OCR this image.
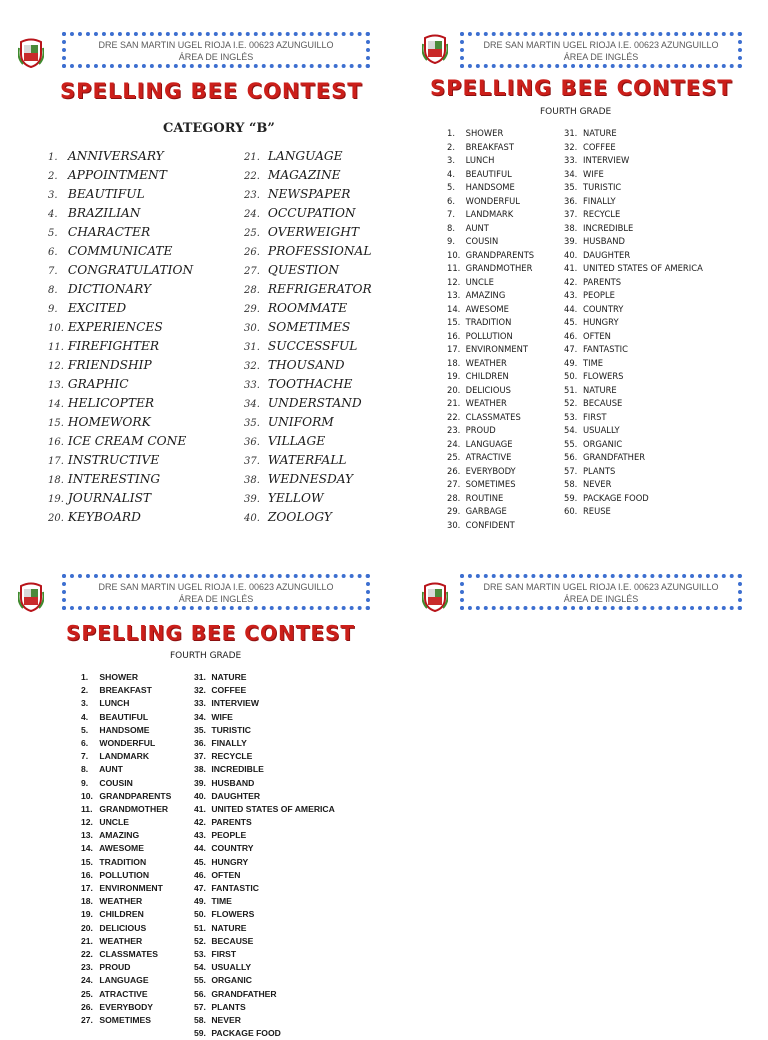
DRE SAN MARTIN UGEL RIOJA I.E. 00623 AZUNGUILLO
ÁREA DE INGLÉS
SPELLING BEE CONTEST
CATEGORY “B”
1. ANNIVERSARY
2. APPOINTMENT
3. BEAUTIFUL
4. BRAZILIAN
5. CHARACTER
6. COMMUNICATE
7. CONGRATULATION
8. DICTIONARY
9. EXCITED
10. EXPERIENCES
11. FIREFIGHTER
12. FRIENDSHIP
13. GRAPHIC
14. HELICOPTER
15. HOMEWORK
16. ICE CREAM CONE
17. INSTRUCTIVE
18. INTERESTING
19. JOURNALIST
20. KEYBOARD
21. LANGUAGE
22. MAGAZINE
23. NEWSPAPER
24. OCCUPATION
25. OVERWEIGHT
26. PROFESSIONAL
27. QUESTION
28. REFRIGERATOR
29. ROOMMATE
30. SOMETIMES
31. SUCCESSFUL
32. THOUSAND
33. TOOTHACHE
34. UNDERSTAND
35. UNIFORM
36. VILLAGE
37. WATERFALL
38. WEDNESDAY
39. YELLOW
40. ZOOLOGY
DRE SAN MARTIN UGEL RIOJA I.E. 00623 AZUNGUILLO
ÁREA DE INGLÉS
SPELLING BEE CONTEST
FOURTH GRADE
1. SHOWER
2. BREAKFAST
3. LUNCH
4. BEAUTIFUL
5. HANDSOME
6. WONDERFUL
7. LANDMARK
8. AUNT
9. COUSIN
10. GRANDPARENTS
11. GRANDMOTHER
12. UNCLE
13. AMAZING
14. AWESOME
15. TRADITION
16. POLLUTION
17. ENVIRONMENT
18. WEATHER
19. CHILDREN
20. DELICIOUS
21. WEATHER
22. CLASSMATES
23. PROUD
24. LANGUAGE
25. ATRACTIVE
26. EVERYBODY
27. SOMETIMES
28. ROUTINE
29. GARBAGE
30. CONFIDENT
31. NATURE
32. COFFEE
33. INTERVIEW
34. WIFE
35. TURISTIC
36. FINALLY
37. RECYCLE
38. INCREDIBLE
39. HUSBAND
40. DAUGHTER
41. UNITED STATES OF AMERICA
42. PARENTS
43. PEOPLE
44. COUNTRY
45. HUNGRY
46. OFTEN
47. FANTASTIC
49. TIME
50. FLOWERS
51. NATURE
52. BECAUSE
53. FIRST
54. USUALLY
55. ORGANIC
56. GRANDFATHER
57. PLANTS
58. NEVER
59. PACKAGE FOOD
60. REUSE
DRE SAN MARTIN UGEL RIOJA I.E. 00623 AZUNGUILLO
ÁREA DE INGLÉS
SPELLING BEE CONTEST
FOURTH GRADE
1. SHOWER
2. BREAKFAST
3. LUNCH
4. BEAUTIFUL
5. HANDSOME
6. WONDERFUL
7. LANDMARK
8. AUNT
9. COUSIN
10. GRANDPARENTS
11. GRANDMOTHER
12. UNCLE
13. AMAZING
14. AWESOME
15. TRADITION
16. POLLUTION
17. ENVIRONMENT
18. WEATHER
19. CHILDREN
20. DELICIOUS
21. WEATHER
22. CLASSMATES
23. PROUD
24. LANGUAGE
25. ATRACTIVE
26. EVERYBODY
27. SOMETIMES
31. NATURE
32. COFFEE
33. INTERVIEW
34. WIFE
35. TURISTIC
36. FINALLY
37. RECYCLE
38. INCREDIBLE
39. HUSBAND
40. DAUGHTER
41. UNITED STATES OF AMERICA
42. PARENTS
43. PEOPLE
44. COUNTRY
45. HUNGRY
46. OFTEN
47. FANTASTIC
49. TIME
50. FLOWERS
51. NATURE
52. BECAUSE
53. FIRST
54. USUALLY
55. ORGANIC
56. GRANDFATHER
57. PLANTS
58. NEVER
59. PACKAGE FOOD
DRE SAN MARTIN UGEL RIOJA I.E. 00623 AZUNGUILLO
ÁREA DE INGLÉS
